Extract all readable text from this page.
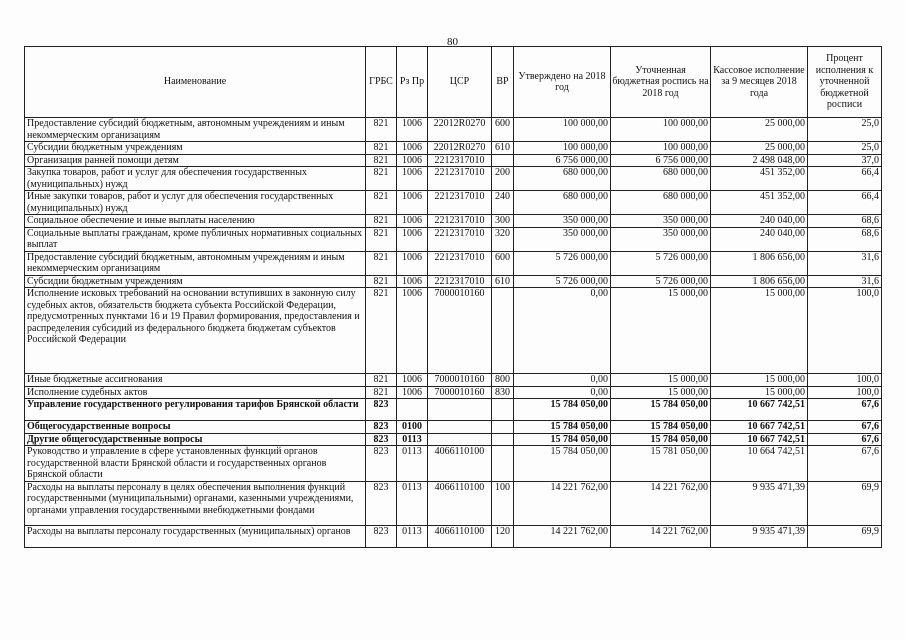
80
Наименование	ГРБС	Рз Пр	ЦСР	ВР	Утверждено на 2018 год	Уточненная бюджетная роспись на 2018 год	Кассовое исполнение за 9 месяцев 2018 года	Процент исполнения к уточненной бюджетной росписи
Предоставление субсидий бюджетным, автономным учреждениям и иным некоммерческим организациям	821	1006	22012R0270	600	100 000,00	100 000,00	25 000,00	25,0
Субсидии бюджетным учреждениям	821	1006	22012R0270	610	100 000,00	100 000,00	25 000,00	25,0
Организация ранней помощи детям	821	1006	2212317010		6 756 000,00	6 756 000,00	2 498 048,00	37,0
Закупка товаров, работ и услуг для обеспечения государственных (муниципальных) нужд	821	1006	2212317010	200	680 000,00	680 000,00	451 352,00	66,4
Иные закупки товаров, работ и услуг для обеспечения государственных (муниципальных) нужд	821	1006	2212317010	240	680 000,00	680 000,00	451 352,00	66,4
Социальное обеспечение и иные выплаты населению	821	1006	2212317010	300	350 000,00	350 000,00	240 040,00	68,6
Социальные выплаты гражданам, кроме публичных нормативных социальных выплат	821	1006	2212317010	320	350 000,00	350 000,00	240 040,00	68,6
Предоставление субсидий бюджетным, автономным учреждениям и иным некоммерческим организациям	821	1006	2212317010	600	5 726 000,00	5 726 000,00	1 806 656,00	31,6
Субсидии бюджетным учреждениям	821	1006	2212317010	610	5 726 000,00	5 726 000,00	1 806 656,00	31,6
Исполнение исковых требований на основании вступивших в законную силу судебных актов, обязательств бюджета субъекта Российской Федерации, предусмотренных пунктами 16 и 19 Правил формирования, предоставления и распределения субсидий из федерального бюджета бюджетам субъектов Российской Федерации	821	1006	7000010160		0,00	15 000,00	15 000,00	100,0
Иные бюджетные ассигнования	821	1006	7000010160	800	0,00	15 000,00	15 000,00	100,0
Исполнение судебных актов	821	1006	7000010160	830	0,00	15 000,00	15 000,00	100,0
Управление государственного регулирования тарифов Брянской области	823				15 784 050,00	15 784 050,00	10 667 742,51	67,6
Общегосударственные вопросы	823	0100			15 784 050,00	15 784 050,00	10 667 742,51	67,6
Другие общегосударственные вопросы	823	0113			15 784 050,00	15 784 050,00	10 667 742,51	67,6
Руководство и управление в сфере установленных функций органов государственной власти Брянской области и государственных органов Брянской области	823	0113	4066110100		15 784 050,00	15 781 050,00	10 664 742,51	67,6
Расходы на выплаты персоналу в целях обеспечения выполнения функций государственными (муниципальными) органами, казенными учреждениями, органами управления государственными внебюджетными фондами	823	0113	4066110100	100	14 221 762,00	14 221 762,00	9 935 471,39	69,9
Расходы на выплаты персоналу государственных (муниципальных) органов	823	0113	4066110100	120	14 221 762,00	14 221 762,00	9 935 471,39	69,9
